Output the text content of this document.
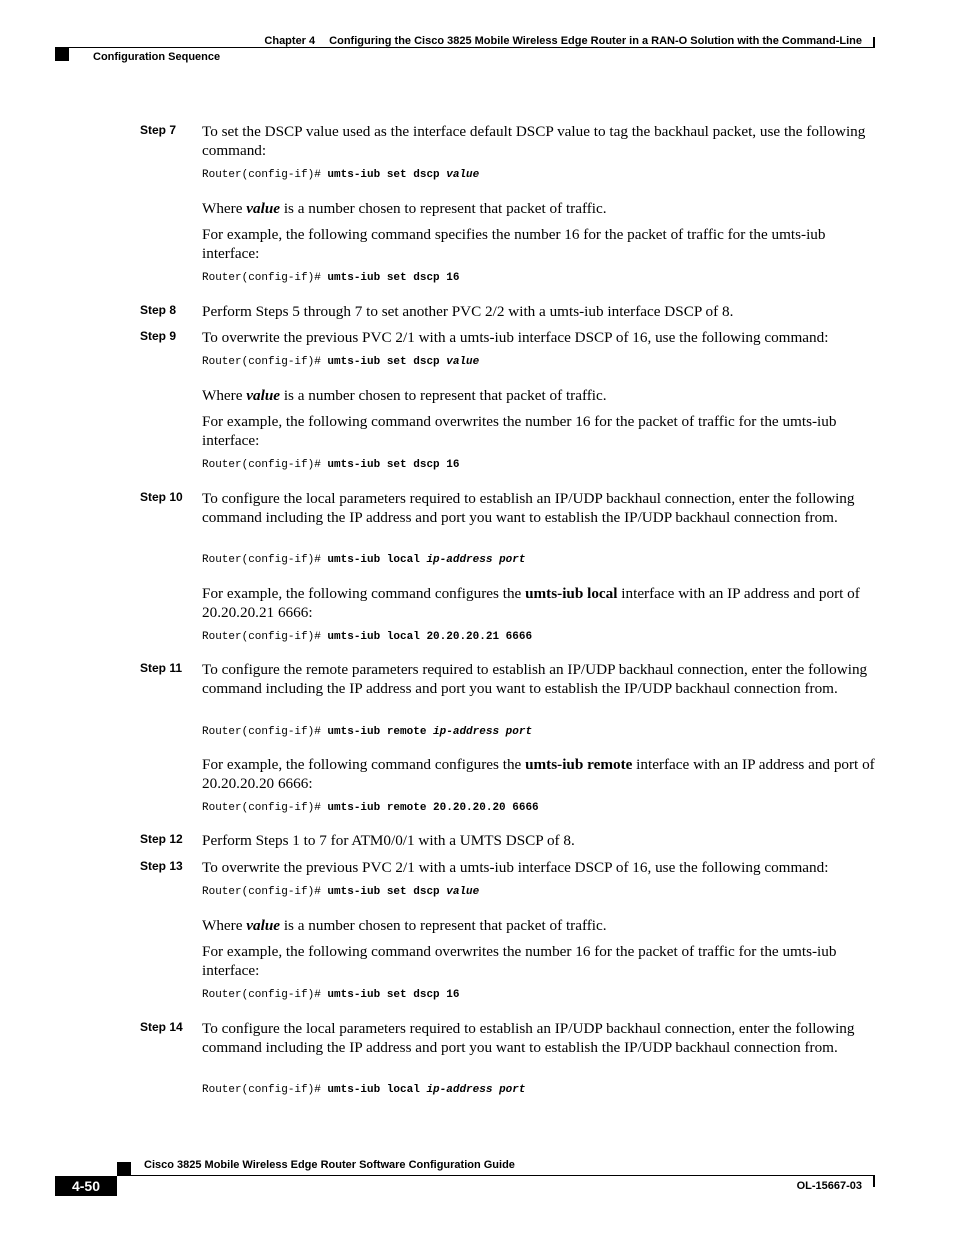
Chapter 4 Configuring the Cisco 3825 Mobile Wireless Edge Router in a RAN-O Solution with the Command-Line
Configuration Sequence
Step 7	To set the DSCP value used as the interface default DSCP value to tag the backhaul packet, use the following command:
Router(config-if)# umts-iub set dscp value
Where value is a number chosen to represent that packet of traffic.
For example, the following command specifies the number 16 for the packet of traffic for the umts-iub interface:
Router(config-if)# umts-iub set dscp 16
Step 8	Perform Steps 5 through 7 to set another PVC 2/2 with a umts-iub interface DSCP of 8.
Step 9	To overwrite the previous PVC 2/1 with a umts-iub interface DSCP of 16, use the following command:
Router(config-if)# umts-iub set dscp value
Where value is a number chosen to represent that packet of traffic.
For example, the following command overwrites the number 16 for the packet of traffic for the umts-iub interface:
Router(config-if)# umts-iub set dscp 16
Step 10	To configure the local parameters required to establish an IP/UDP backhaul connection, enter the following command including the IP address and port you want to establish the IP/UDP backhaul connection from.
Router(config-if)# umts-iub local ip-address port
For example, the following command configures the umts-iub local interface with an IP address and port of 20.20.20.21 6666:
Router(config-if)# umts-iub local 20.20.20.21 6666
Step 11	To configure the remote parameters required to establish an IP/UDP backhaul connection, enter the following command including the IP address and port you want to establish the IP/UDP backhaul connection from.
Router(config-if)# umts-iub remote ip-address port
For example, the following command configures the umts-iub remote interface with an IP address and port of 20.20.20.20 6666:
Router(config-if)# umts-iub remote 20.20.20.20 6666
Step 12	Perform Steps 1 to 7 for ATM0/0/1 with a UMTS DSCP of 8.
Step 13	To overwrite the previous PVC 2/1 with a umts-iub interface DSCP of 16, use the following command:
Router(config-if)# umts-iub set dscp value
Where value is a number chosen to represent that packet of traffic.
For example, the following command overwrites the number 16 for the packet of traffic for the umts-iub interface:
Router(config-if)# umts-iub set dscp 16
Step 14	To configure the local parameters required to establish an IP/UDP backhaul connection, enter the following command including the IP address and port you want to establish the IP/UDP backhaul connection from.
Router(config-if)# umts-iub local ip-address port
Cisco 3825 Mobile Wireless Edge Router Software Configuration Guide
4-50	OL-15667-03
